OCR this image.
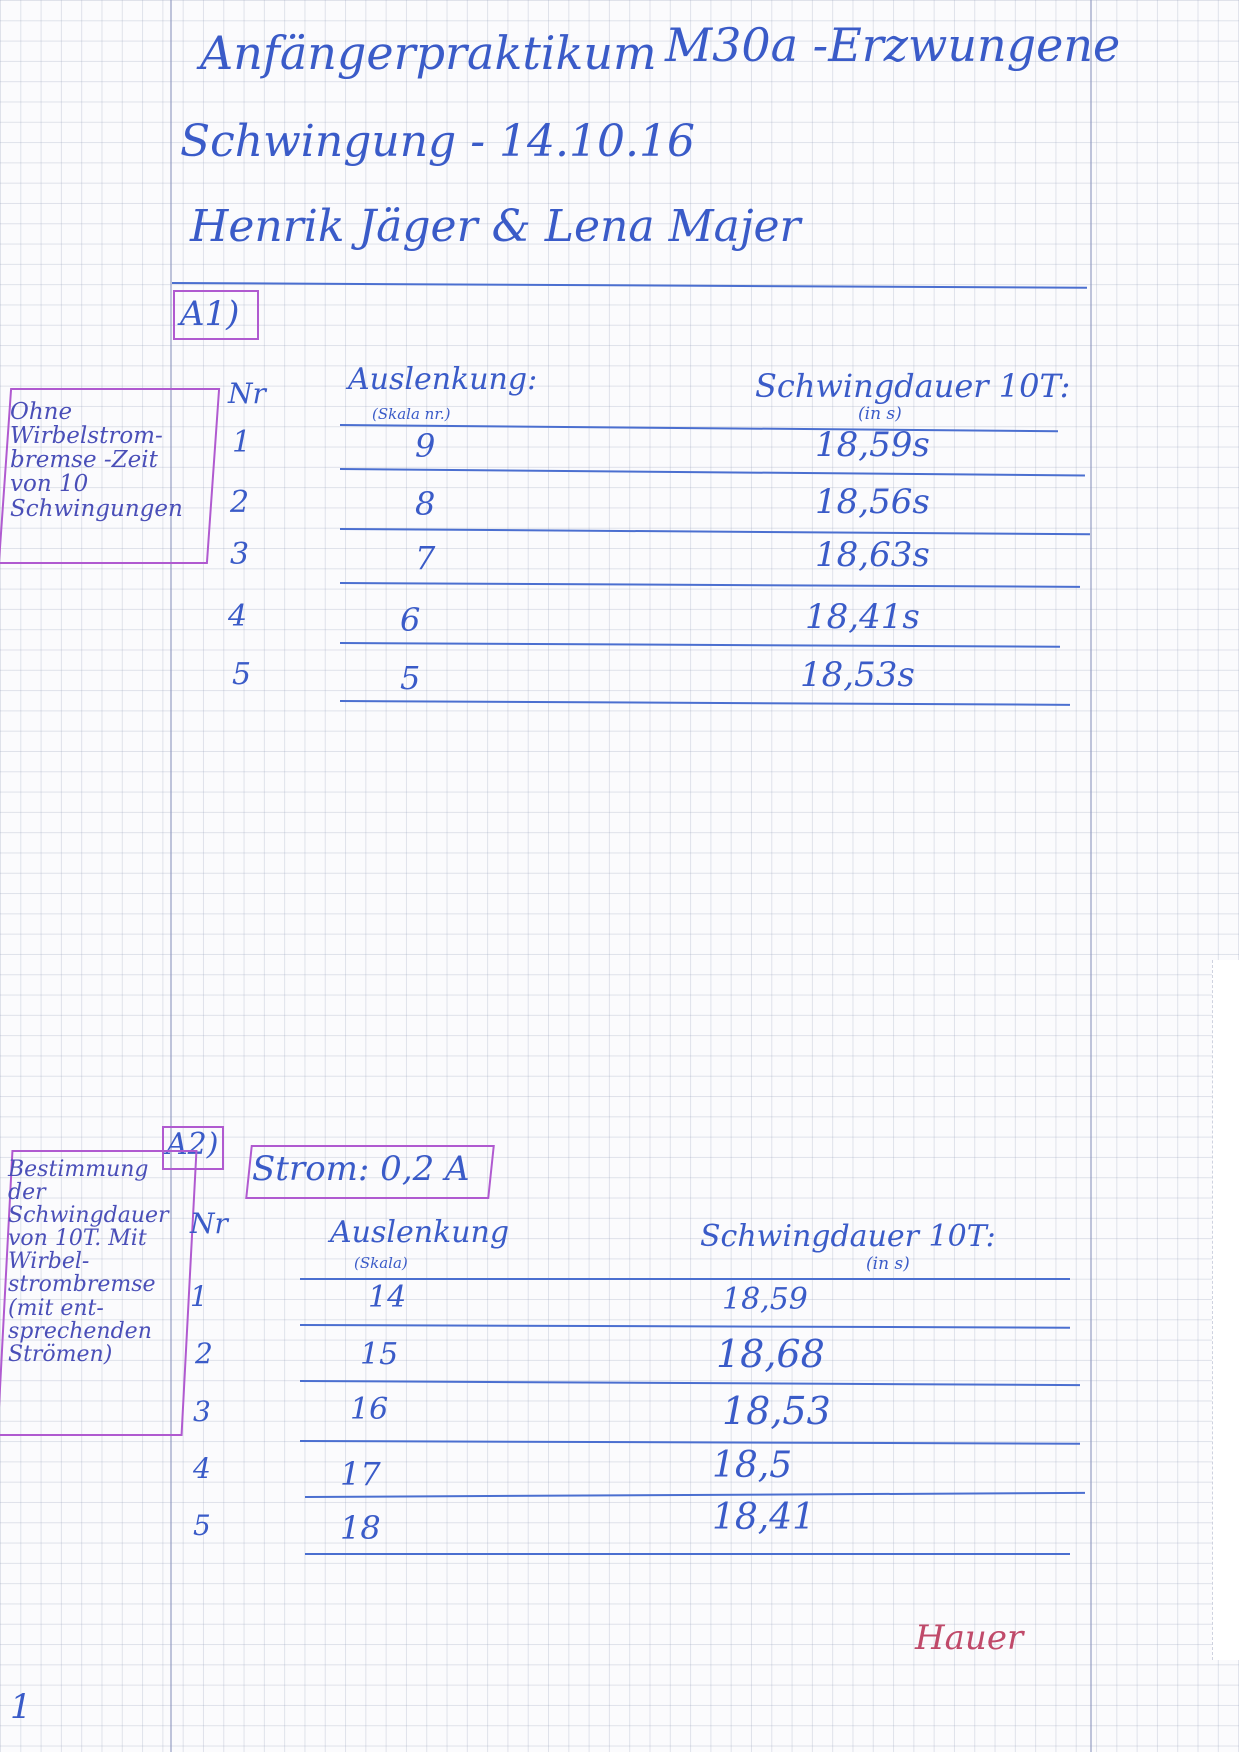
Anfängerpraktikum M30a -Erzwungene
Schwingung - 14.10.16
Henrik Jäger & Lena Majer
A1)
Ohne Wirbelstrom-bremse -Zeit von 10 Schwingungen
Nr	Auslenkung:
(Skala nr.)
Schwingdauer 10T:
(in s)
1	9	18,59s
2	8	18,56s
3	7	18,63s
4	6	18,41s
5	5	18,53s
A2)
Strom: 0,2 A
Bestimmung der Schwingdauer von 10T. Mit Wirbel-strombremse (mit ent-sprechenden Strömen)
Nr	Auslenkung
(Skala)
Schwingdauer 10T:
(in s)
1	14	18,59
2	15	18,68
3	16	18,53
4	17	18,5
5	18	18,41
Hauer
1
